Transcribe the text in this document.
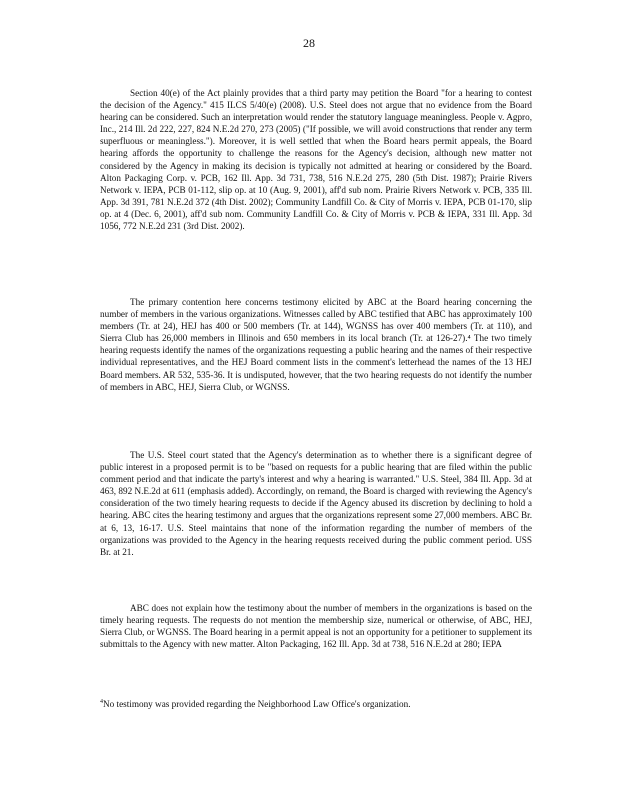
28

Section 40(e) of the Act plainly provides that a third party may petition the Board "for a hearing to contest the decision of the Agency." 415 ILCS 5/40(e) (2008). U.S. Steel does not argue that no evidence from the Board hearing can be considered. Such an interpretation would render the statutory language meaningless. People v. Agpro, Inc., 214 Ill. 2d 222, 227, 824 N.E.2d 270, 273 (2005) ("If possible, we will avoid constructions that render any term superfluous or meaningless."). Moreover, it is well settled that when the Board hears permit appeals, the Board hearing affords the opportunity to challenge the reasons for the Agency's decision, although new matter not considered by the Agency in making its decision is typically not admitted at hearing or considered by the Board. Alton Packaging Corp. v. PCB, 162 Ill. App. 3d 731, 738, 516 N.E.2d 275, 280 (5th Dist. 1987); Prairie Rivers Network v. IEPA, PCB 01-112, slip op. at 10 (Aug. 9, 2001), aff'd sub nom. Prairie Rivers Network v. PCB, 335 Ill. App. 3d 391, 781 N.E.2d 372 (4th Dist. 2002); Community Landfill Co. & City of Morris v. IEPA, PCB 01-170, slip op. at 4 (Dec. 6, 2001), aff'd sub nom. Community Landfill Co. & City of Morris v. PCB & IEPA, 331 Ill. App. 3d 1056, 772 N.E.2d 231 (3rd Dist. 2002).

The primary contention here concerns testimony elicited by ABC at the Board hearing concerning the number of members in the various organizations. Witnesses called by ABC testified that ABC has approximately 100 members (Tr. at 24), HEJ has 400 or 500 members (Tr. at 144), WGNSS has over 400 members (Tr. at 110), and Sierra Club has 26,000 members in Illinois and 650 members in its local branch (Tr. at 126-27).⁴ The two timely hearing requests identify the names of the organizations requesting a public hearing and the names of their respective individual representatives, and the HEJ Board comment lists in the comment's letterhead the names of the 13 HEJ Board members. AR 532, 535-36. It is undisputed, however, that the two hearing requests do not identify the number of members in ABC, HEJ, Sierra Club, or WGNSS.

The U.S. Steel court stated that the Agency's determination as to whether there is a significant degree of public interest in a proposed permit is to be "based on requests for a public hearing that are filed within the public comment period and that indicate the party's interest and why a hearing is warranted." U.S. Steel, 384 Ill. App. 3d at 463, 892 N.E.2d at 611 (emphasis added). Accordingly, on remand, the Board is charged with reviewing the Agency's consideration of the two timely hearing requests to decide if the Agency abused its discretion by declining to hold a hearing. ABC cites the hearing testimony and argues that the organizations represent some 27,000 members. ABC Br. at 6, 13, 16-17. U.S. Steel maintains that none of the information regarding the number of members of the organizations was provided to the Agency in the hearing requests received during the public comment period. USS Br. at 21.

ABC does not explain how the testimony about the number of members in the organizations is based on the timely hearing requests. The requests do not mention the membership size, numerical or otherwise, of ABC, HEJ, Sierra Club, or WGNSS. The Board hearing in a permit appeal is not an opportunity for a petitioner to supplement its submittals to the Agency with new matter. Alton Packaging, 162 Ill. App. 3d at 738, 516 N.E.2d at 280; IEPA

$^4$No testimony was provided regarding the Neighborhood Law Office's organization.
